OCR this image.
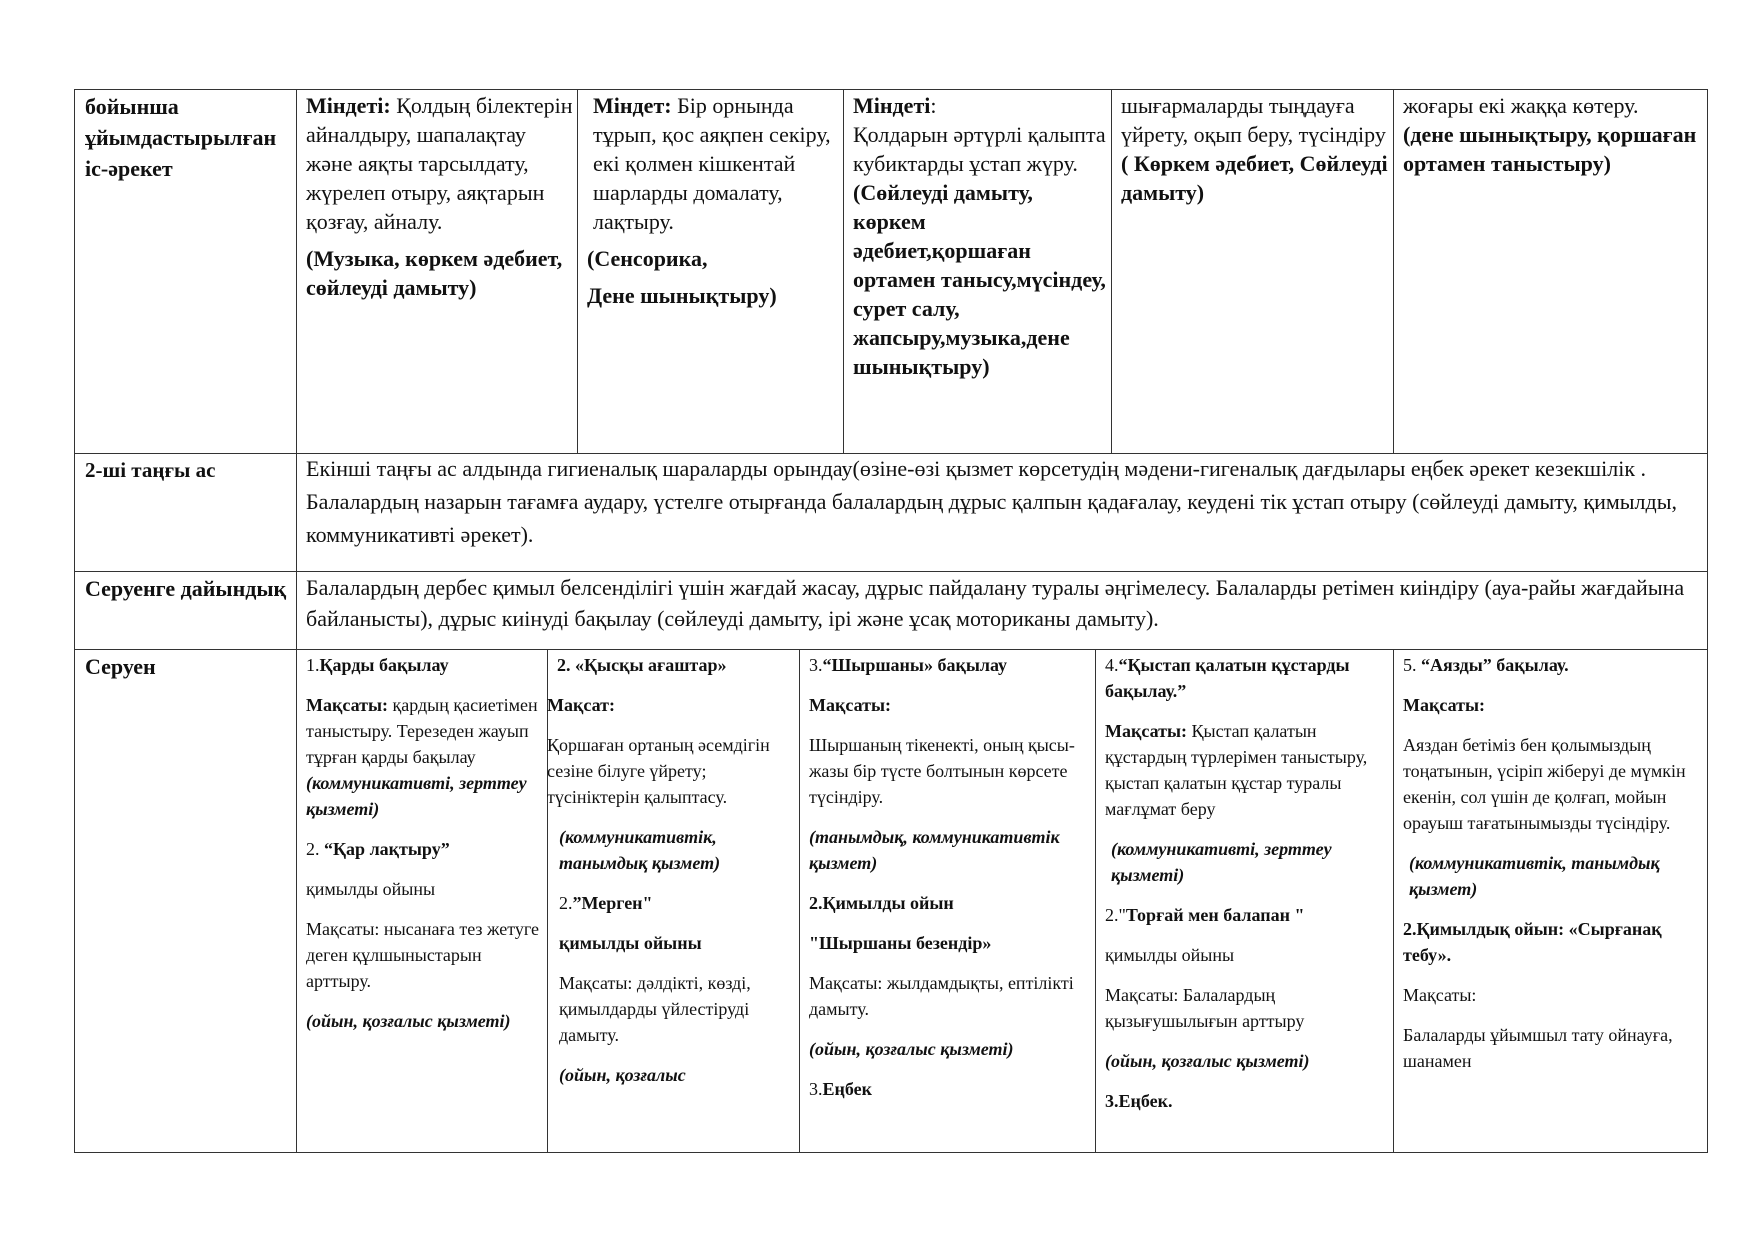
бойынша ұйымдастырылған іс-әрекет
2-ші таңғы ас
Серуенге дайындық
Серуен

Міндеті: Қолдың білектерін айналдыру, шапалақтау және аяқты тарсылдату, жүрелеп отыру, аяқтарын қозғау, айналу.

(Музыка, көркем әдебиет, сөйлеуді дамыту)

Міндет: Бір орнында тұрып, қос аяқпен секіру, екі қолмен кішкентай шарларды домалату, лақтыру.

(Сенсорика,

Дене шынықтыру)

Міндеті:

Қолдарын әртүрлі қалыпта кубиктарды ұстап жүру.

(Сөйлеуді дамыту, көркем әдебиет,қоршаған ортамен танысу,мүсіндеу, сурет салу, жапсыру,музыка,дене шынықтыру)

шығармаларды тыңдауға үйрету, оқып беру, түсіндіру

( Көркем әдебиет, Сөйлеуді дамыту)

жоғары екі жаққа көтеру.

(дене шынықтыру, қоршаған ортамен таныстыру)

Екінші таңғы ас алдында гигиеналық шараларды орындау(өзіне-өзі қызмет көрсетудің мәдени-гигеналық дағдылары еңбек әрекет кезекшілік . Балалардың назарын тағамға аудару, үстелге отырғанда балалардың дұрыс қалпын қадағалау, кеудені тік ұстап отыру (сөйлеуді дамыту, қимылды, коммуникативті әрекет).
Балалардың дербес қимыл белсенділігі үшін жағдай жасау, дұрыс пайдалану туралы әңгімелесу. Балаларды ретімен киіндіру (ауа-райы жағдайына байланысты), дұрыс киінуді бақылау (сөйлеуді дамыту, ірі және ұсақ моториканы дамыту).

1.Қарды бақылау

Мақсаты: қардың қасиетімен таныстыру. Терезеден жауып тұрған қарды бақылау

(коммуникативті, зерттеу қызметі)

2. “Қар лақтыру”

қимылды ойыны

Мақсаты: нысанаға тез жетуге деген құлшыныстарын арттыру.

(ойын, қозғалыс қызметі)

2. «Қысқы ағаштар»

Мақсат:

Қоршаған ортаның әсемдігін сезіне білуге үйрету; түсініктерін қалыптасу.

(коммуникативтік, танымдық қызмет)

2.”Мерген"

қимылды ойыны

Мақсаты: дәлдікті, көзді, қимылдарды үйлестіруді дамыту.

(ойын, қозғалыс

3.“Шыршаны» бақылау

Мақсаты:

Шыршаның тікенекті, оның қысы-жазы бір түсте болтынын көрсете түсіндіру.

(танымдық, коммуникативтік қызмет)

2.Қимылды ойын

"Шыршаны безендір»

Мақсаты: жылдамдықты, ептілікті дамыту.

(ойын, қозғалыс қызметі)

3.Еңбек

4.“Қыстап қалатын құстарды бақылау.”

Мақсаты: Қыстап қалатын құстардың түрлерімен таныстыру, қыстап қалатын құстар туралы мағлұмат беру

(коммуникативті, зерттеу қызметі)

2."Торғай мен балапан "

қимылды ойыны

Мақсаты: Балалардың қызығушылығын арттыру

(ойын, қозғалыс қызметі)

3.Еңбек.

5. “Аязды” бақылау.

Мақсаты:

Аяздан бетіміз бен қолымыздың тоңатынын, үсіріп жіберуі де мүмкін екенін, сол үшін де қолғап, мойын орауыш тағатынымызды түсіндіру.

(коммуникативтік, танымдық қызмет)

2.Қимылдық ойын: «Сырғанақ тебу».

Мақсаты:

Балаларды ұйымшыл тату ойнауға, шанамен
